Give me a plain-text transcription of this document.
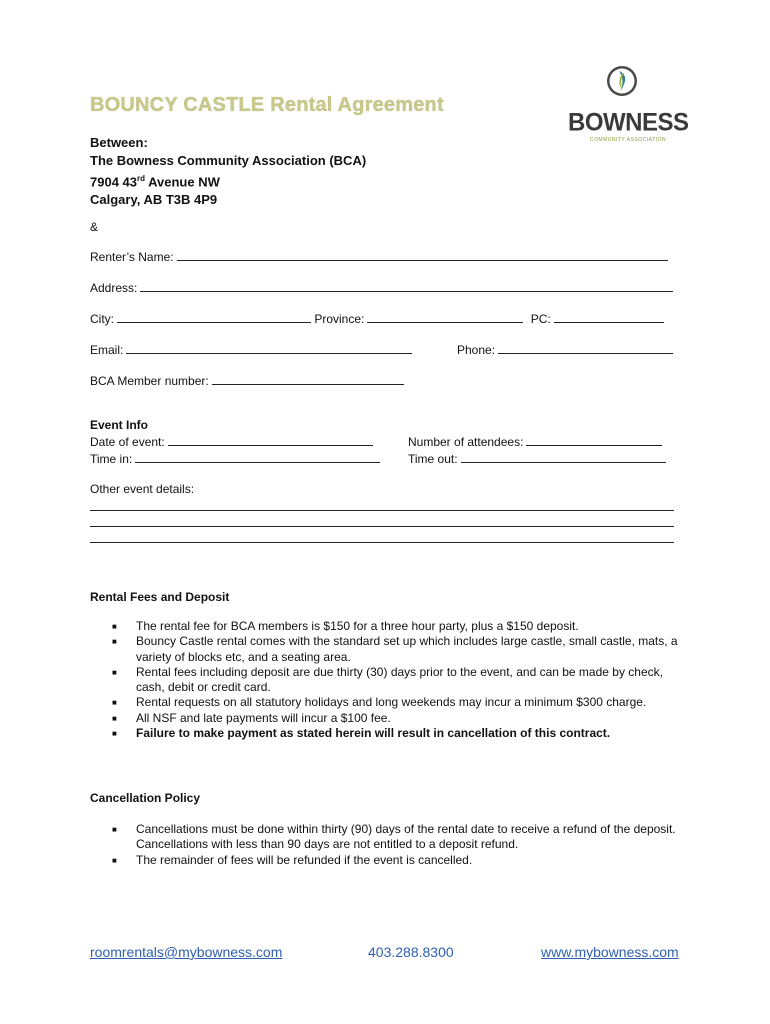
BOUNCY CASTLE Rental Agreement
Between:
The Bowness Community Association (BCA)
7904 43rd Avenue NW
Calgary, AB T3B 4P9
BOWNESS
COMMUNITY ASSOCIATION
&
Renter’s Name:
Address:
City:	Province:	PC:
Email:	Phone:
BCA Member number:
Event Info
Date of event:	Number of attendees:
Time in:	Time out:
Other event details:
Rental Fees and Deposit
■ The rental fee for BCA members is $150 for a three hour party, plus a $150 deposit.
■ Bouncy Castle rental comes with the standard set up which includes large castle, small castle, mats, a variety of blocks etc, and a seating area.
■ Rental fees including deposit are due thirty (30) days prior to the event, and can be made by check, cash, debit or credit card.
■ Rental requests on all statutory holidays and long weekends may incur a minimum $300 charge.
■ All NSF and late payments will incur a $100 fee.
■ Failure to make payment as stated herein will result in cancellation of this contract.
Cancellation Policy
■ Cancellations must be done within thirty (90) days of the rental date to receive a refund of the deposit. Cancellations with less than 90 days are not entitled to a deposit refund.
■ The remainder of fees will be refunded if the event is cancelled.
roomrentals@mybowness.com	403.288.8300	www.mybowness.com
